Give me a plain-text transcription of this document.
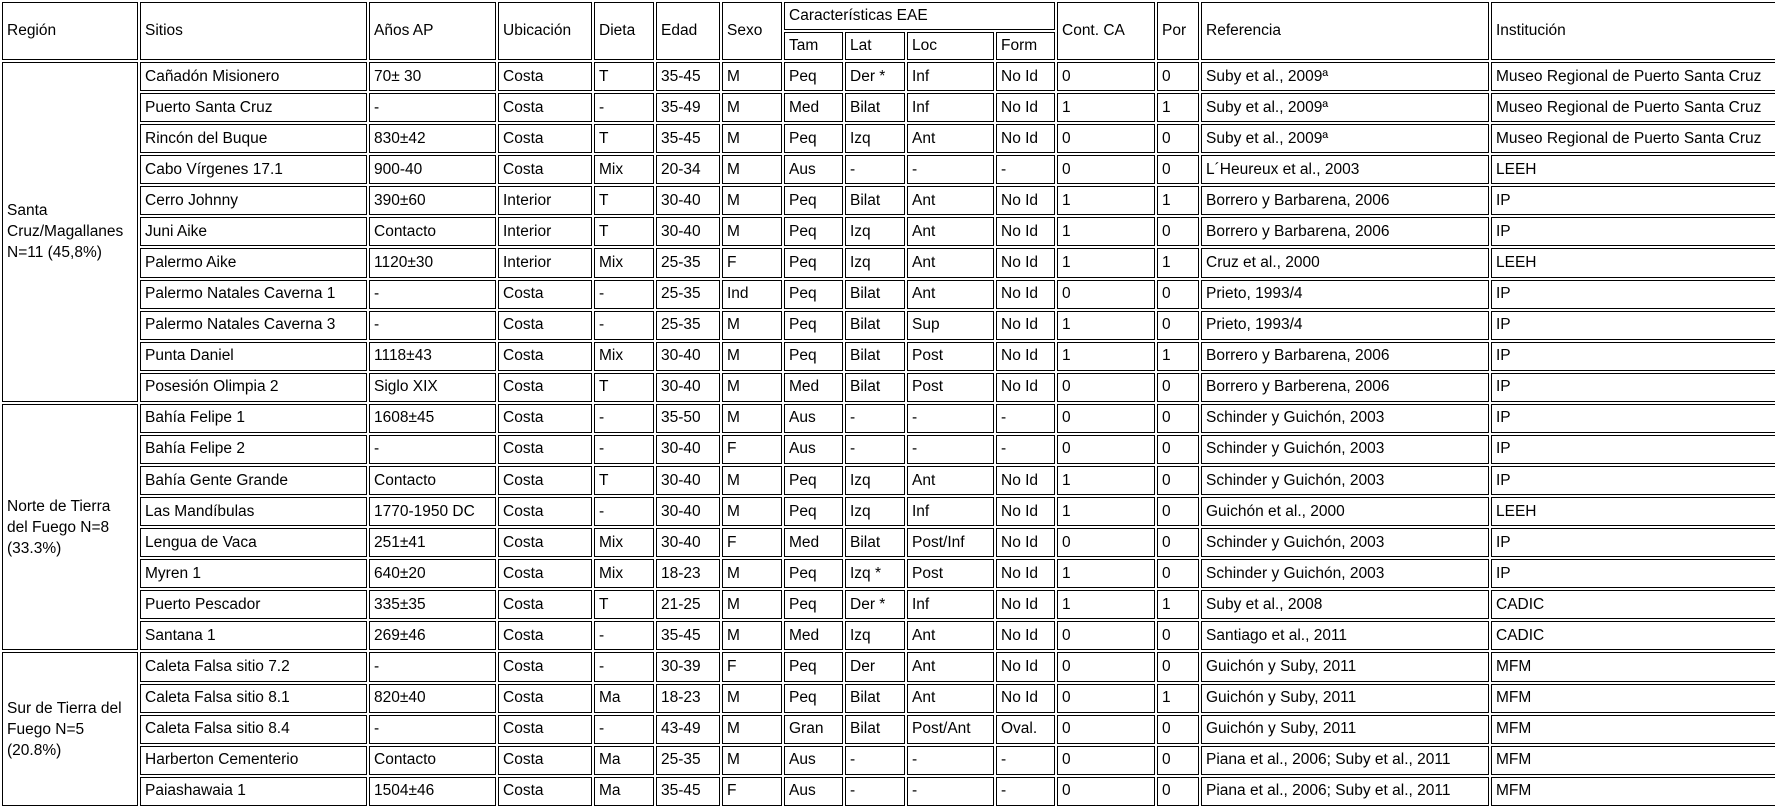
Región	Sitios	Años AP	Ubicación	Dieta	Edad	Sexo	Características EAE				Cont. CA	Por	Referencia	Institución
							Tam	Lat	Loc	Form				
Santa Cruz/Magallanes N=11 (45,8%)	Cañadón Misionero	70± 30	Costa	T	35-45	M	Peq	Der *	Inf	No Id	0	0	Suby et al., 2009ª	Museo Regional de Puerto Santa Cruz
	Puerto Santa Cruz	-	Costa	-	35-49	M	Med	Bilat	Inf	No Id	1	1	Suby et al., 2009ª	Museo Regional de Puerto Santa Cruz
	Rincón del Buque	830±42	Costa	T	35-45	M	Peq	Izq	Ant	No Id	0	0	Suby et al., 2009ª	Museo Regional de Puerto Santa Cruz
	Cabo Vírgenes 17.1	900-40	Costa	Mix	20-34	M	Aus	-	-	-	0	0	L´Heureux et al., 2003	LEEH
	Cerro Johnny	390±60	Interior	T	30-40	M	Peq	Bilat	Ant	No Id	1	1	Borrero y Barbarena, 2006	IP
	Juni Aike	Contacto	Interior	T	30-40	M	Peq	Izq	Ant	No Id	1	0	Borrero y Barbarena, 2006	IP
	Palermo Aike	1120±30	Interior	Mix	25-35	F	Peq	Izq	Ant	No Id	1	1	Cruz et al., 2000	LEEH
	Palermo Natales Caverna 1	-	Costa	-	25-35	Ind	Peq	Bilat	Ant	No Id	0	0	Prieto, 1993/4	IP
	Palermo Natales Caverna 3	-	Costa	-	25-35	M	Peq	Bilat	Sup	No Id	1	0	Prieto, 1993/4	IP
	Punta Daniel	1118±43	Costa	Mix	30-40	M	Peq	Bilat	Post	No Id	1	1	Borrero y Barbarena, 2006	IP
	Posesión Olimpia 2	Siglo XIX	Costa	T	30-40	M	Med	Bilat	Post	No Id	0	0	Borrero y Barberena, 2006	IP
Norte de Tierra del Fuego N=8 (33.3%)	Bahía Felipe 1	1608±45	Costa	-	35-50	M	Aus	-	-	-	0	0	Schinder y Guichón, 2003	IP
	Bahía Felipe 2	-	Costa	-	30-40	F	Aus	-	-	-	0	0	Schinder y Guichón, 2003	IP
	Bahía Gente Grande	Contacto	Costa	T	30-40	M	Peq	Izq	Ant	No Id	1	0	Schinder y Guichón, 2003	IP
	Las Mandíbulas	1770-1950 DC	Costa	-	30-40	M	Peq	Izq	Inf	No Id	1	0	Guichón et al., 2000	LEEH
	Lengua de Vaca	251±41	Costa	Mix	30-40	F	Med	Bilat	Post/Inf	No Id	0	0	Schinder y Guichón, 2003	IP
	Myren 1	640±20	Costa	Mix	18-23	M	Peq	Izq *	Post	No Id	1	0	Schinder y Guichón, 2003	IP
	Puerto Pescador	335±35	Costa	T	21-25	M	Peq	Der *	Inf	No Id	1	1	Suby et al., 2008	CADIC
	Santana 1	269±46	Costa	-	35-45	M	Med	Izq	Ant	No Id	0	0	Santiago et al., 2011	CADIC
Sur de Tierra del Fuego N=5 (20.8%)	Caleta Falsa sitio 7.2	-	Costa	-	30-39	F	Peq	Der	Ant	No Id	0	0	Guichón y Suby, 2011	MFM
	Caleta Falsa sitio 8.1	820±40	Costa	Ma	18-23	M	Peq	Bilat	Ant	No Id	0	1	Guichón y Suby, 2011	MFM
	Caleta Falsa sitio 8.4	-	Costa	-	43-49	M	Gran	Bilat	Post/Ant	Oval.	0	0	Guichón y Suby, 2011	MFM
	Harberton Cementerio	Contacto	Costa	Ma	25-35	M	Aus	-	-	-	0	0	Piana et al., 2006; Suby et al., 2011	MFM
	Paiashawaia 1	1504±46	Costa	Ma	35-45	F	Aus	-	-	-	0	0	Piana et al., 2006; Suby et al., 2011	MFM
